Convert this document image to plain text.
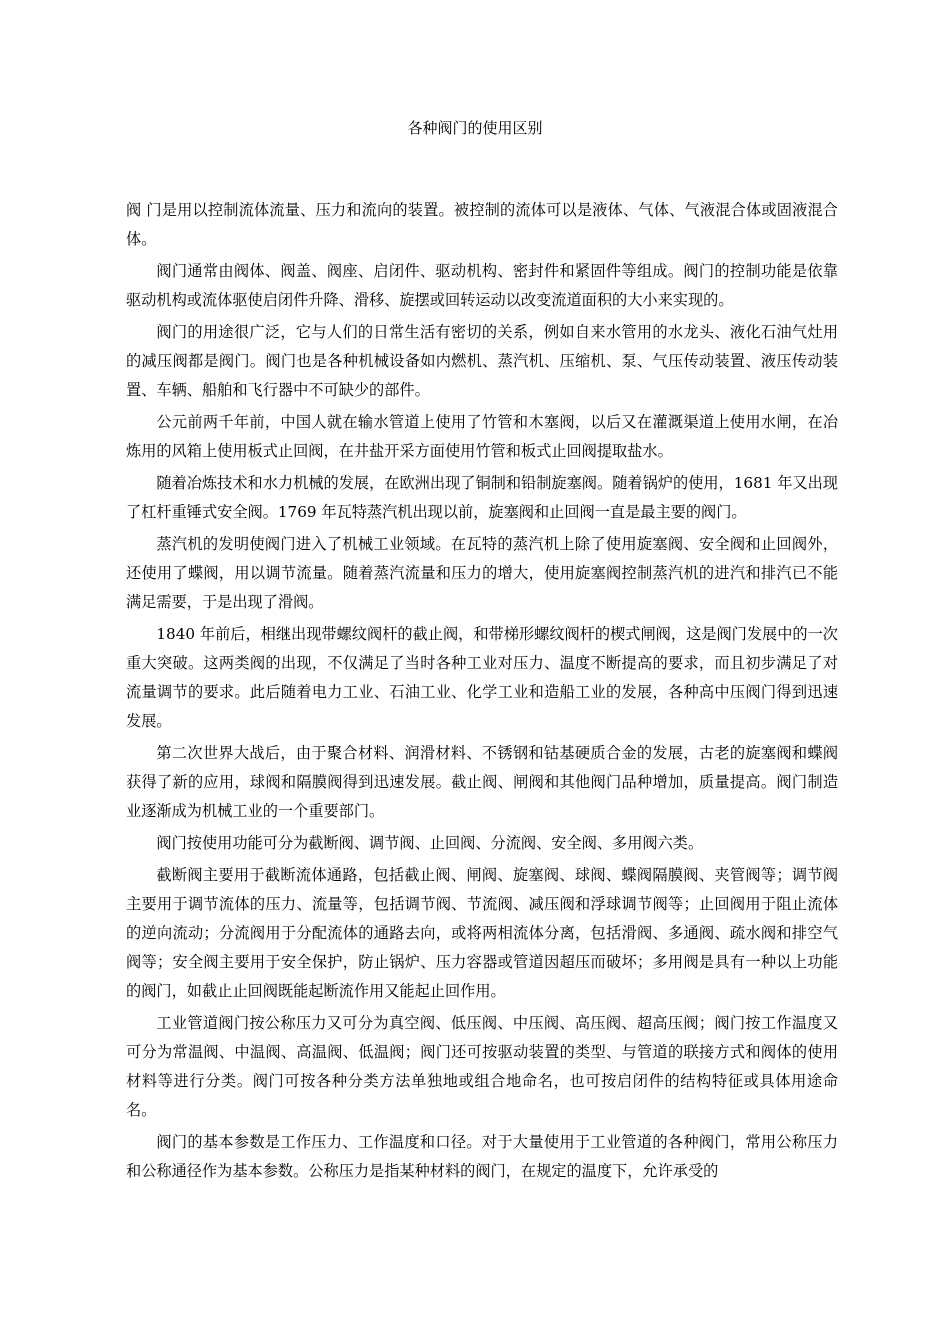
各种阀门的使用区别

阀 门是用以控制流体流量、压力和流向的装置。被控制的流体可以是液体、气体、气液混合体或固液混合体。

阀门通常由阀体、阀盖、阀座、启闭件、驱动机构、密封件和紧固件等组成。阀门的控制功能是依靠驱动机构或流体驱使启闭件升降、滑移、旋摆或回转运动以改变流道面积的大小来实现的。

阀门的用途很广泛，它与人们的日常生活有密切的关系，例如自来水管用的水龙头、液化石油气灶用的减压阀都是阀门。阀门也是各种机械设备如内燃机、蒸汽机、压缩机、泵、气压传动装置、液压传动装置、车辆、船舶和飞行器中不可缺少的部件。

公元前两千年前，中国人就在输水管道上使用了竹管和木塞阀，以后又在灌溉渠道上使用水闸，在冶炼用的风箱上使用板式止回阀，在井盐开采方面使用竹管和板式止回阀提取盐水。

随着冶炼技术和水力机械的发展，在欧洲出现了铜制和铅制旋塞阀。随着锅炉的使用，1681 年又出现了杠杆重锤式安全阀。1769 年瓦特蒸汽机出现以前，旋塞阀和止回阀一直是最主要的阀门。

蒸汽机的发明使阀门进入了机械工业领域。在瓦特的蒸汽机上除了使用旋塞阀、安全阀和止回阀外，还使用了蝶阀，用以调节流量。随着蒸汽流量和压力的增大，使用旋塞阀控制蒸汽机的进汽和排汽已不能满足需要，于是出现了滑阀。

1840 年前后，相继出现带螺纹阀杆的截止阀，和带梯形螺纹阀杆的楔式闸阀，这是阀门发展中的一次重大突破。这两类阀的出现，不仅满足了当时各种工业对压力、温度不断提高的要求，而且初步满足了对流量调节的要求。此后随着电力工业、石油工业、化学工业和造船工业的发展，各种高中压阀门得到迅速发展。

第二次世界大战后，由于聚合材料、润滑材料、不锈钢和钴基硬质合金的发展，古老的旋塞阀和蝶阀获得了新的应用，球阀和隔膜阀得到迅速发展。截止阀、闸阀和其他阀门品种增加，质量提高。阀门制造业逐渐成为机械工业的一个重要部门。

阀门按使用功能可分为截断阀、调节阀、止回阀、分流阀、安全阀、多用阀六类。

截断阀主要用于截断流体通路，包括截止阀、闸阀、旋塞阀、球阀、蝶阀隔膜阀、夹管阀等；调节阀主要用于调节流体的压力、流量等，包括调节阀、节流阀、减压阀和浮球调节阀等；止回阀用于阻止流体的逆向流动；分流阀用于分配流体的通路去向，或将两相流体分离，包括滑阀、多通阀、疏水阀和排空气阀等；安全阀主要用于安全保护，防止锅炉、压力容器或管道因超压而破坏；多用阀是具有一种以上功能的阀门，如截止止回阀既能起断流作用又能起止回作用。

工业管道阀门按公称压力又可分为真空阀、低压阀、中压阀、高压阀、超高压阀；阀门按工作温度又可分为常温阀、中温阀、高温阀、低温阀；阀门还可按驱动装置的类型、与管道的联接方式和阀体的使用材料等进行分类。阀门可按各种分类方法单独地或组合地命名，也可按启闭件的结构特征或具体用途命名。

阀门的基本参数是工作压力、工作温度和口径。对于大量使用于工业管道的各种阀门，常用公称压力和公称通径作为基本参数。公称压力是指某种材料的阀门，在规定的温度下，允许承受的
